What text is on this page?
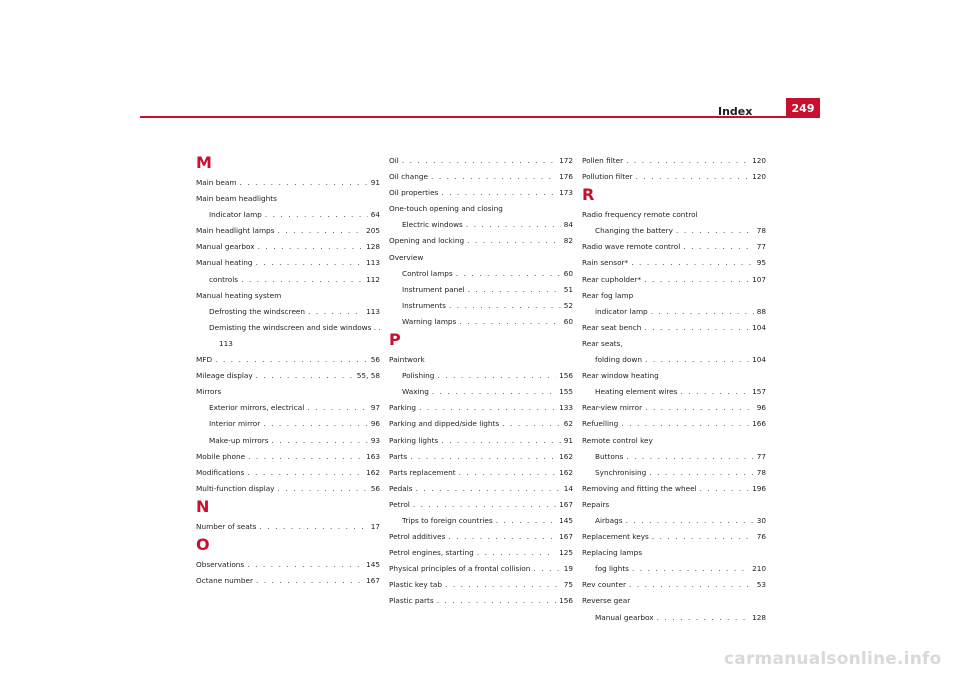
Index	249
M
Main beam . . .	91
Main beam headlights
Indicator lamp . . .	64
Main headlight lamps . . .	205
Manual gearbox . . .	128
Manual heating . . .	113
controls . . .	112
Manual heating system
Defrosting the windscreen . . .	113
Demisting the windscreen and side windows . .
113
MFD . . .	56
Mileage display . . .	55, 58
Mirrors
Exterior mirrors, electrical . . .	97
Interior mirror . . .	96
Make-up mirrors . . .	93
Mobile phone . . .	163
Modifications . . .	162
Multi-function display . . .	56
N
Number of seats . . .	17
O
Observations . . .	145
Octane number . . .	167
Oil . . .	172
Oil change . . .	176
Oil properties . . .	173
One-touch opening and closing
Electric windows . . .	84
Opening and locking . . .	82
Overview
Control lamps . . .	60
Instrument panel . . .	51
Instruments . . .	52
Warning lamps . . .	60
P
Paintwork
Polishing . . .	156
Waxing . . .	155
Parking . . .	133
Parking and dipped/side lights . . .	62
Parking lights . . .	91
Parts . . .	162
Parts replacement . . .	162
Pedals . . .	14
Petrol . . .	167
Trips to foreign countries . . .	145
Petrol additives . . .	167
Petrol engines, starting . . .	125
Physical principles of a frontal collision . . .	19
Plastic key tab . . .	75
Plastic parts . . .	156
Pollen filter . . .	120
Pollution filter . . .	120
R
Radio frequency remote control
Changing the battery . . .	78
Radio wave remote control . . .	77
Rain sensor* . . .	95
Rear cupholder* . . .	107
Rear fog lamp
indicator lamp . . .	88
Rear seat bench . . .	104
Rear seats,
folding down . . .	104
Rear window heating
Heating element wires . . .	157
Rear-view mirror . . .	96
Refuelling . . .	166
Remote control key
Buttons . . .	77
Synchronising . . .	78
Removing and fitting the wheel . . .	196
Repairs
Airbags . . .	30
Replacement keys . . .	76
Replacing lamps
fog lights . . .	210
Rev counter . . .	53
Reverse gear
Manual gearbox . . .	128
carmanualsonline.info
